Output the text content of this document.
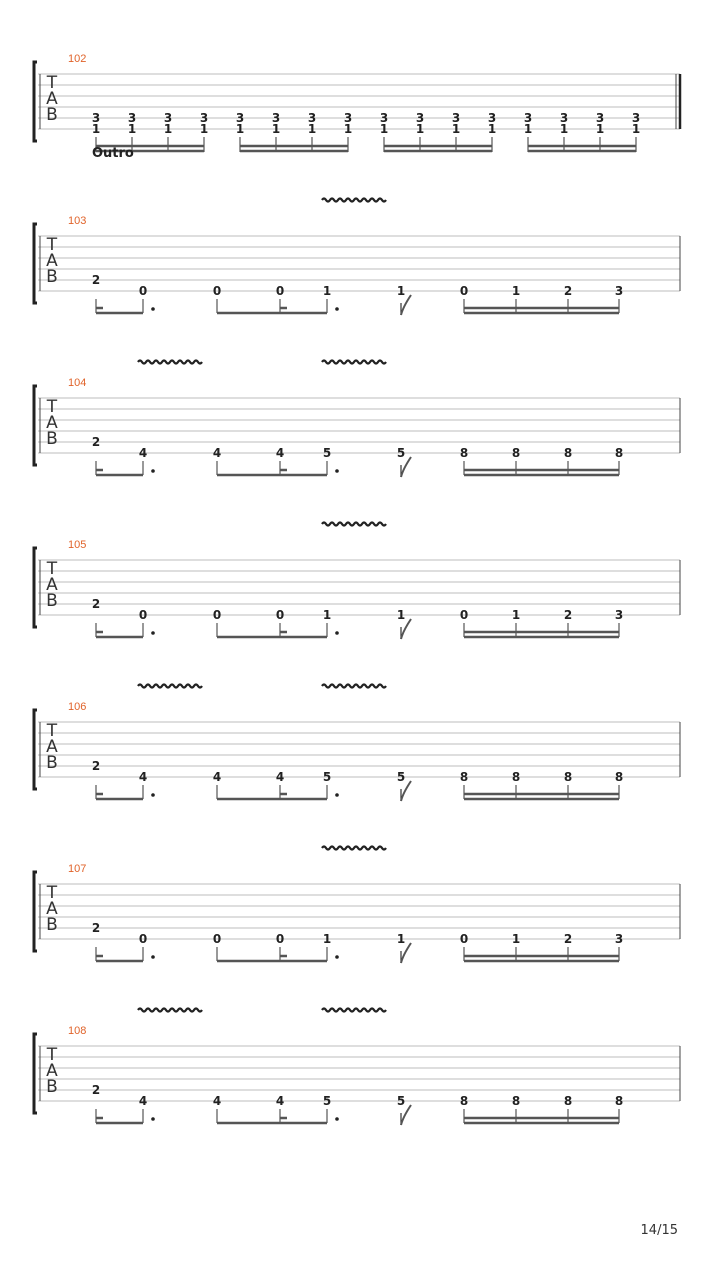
T
A
B
102
3
1
3
1
3
1
3
1
3
1
3
1
3
1
3
1
3
1
3
1
3
1
3
1
3
1
3
1
3
1
3
1
T
A
B
103
Outro
2
0	0	0	1	1	0	1	2	3
T
A
B
104
2
4	4	4	5	5	8	8	8	8
T
A
B
105
2
0	0	0	1	1	0	1	2	3
T
A
B
106
2
4	4	4	5	5	8	8	8	8
T
A
B
107
2
0	0	0	1	1	0	1	2	3
T
A
B
108
2
4	4	4	5	5	8	8	8	8
14/15
